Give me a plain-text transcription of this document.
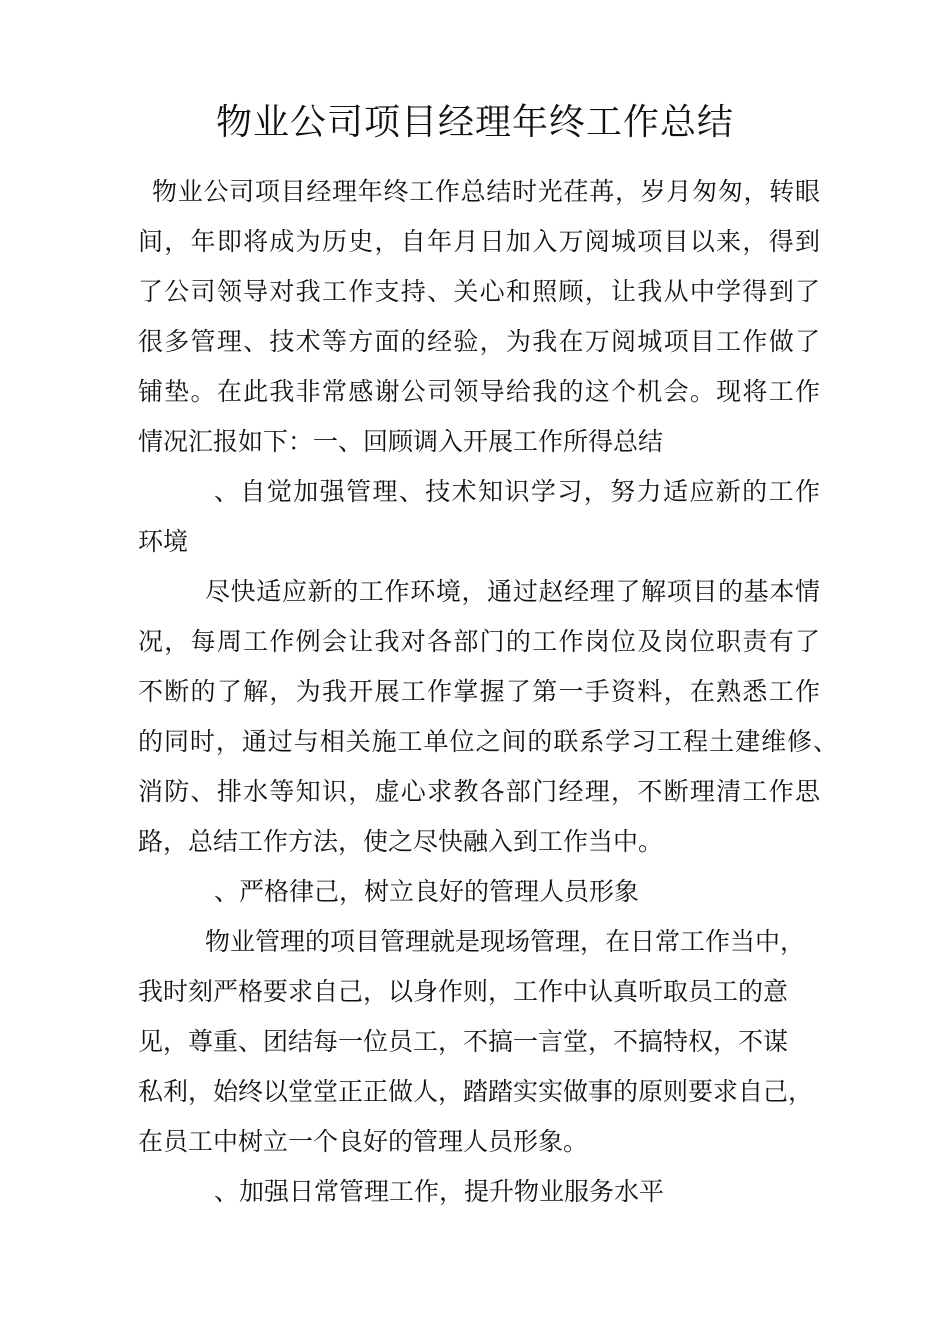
物业公司项目经理年终工作总结
物业公司项目经理年终工作总结时光荏苒，岁月匆匆，转眼
间，年即将成为历史，自年月日加入万阅城项目以来，得到
了公司领导对我工作支持、关心和照顾，让我从中学得到了
很多管理、技术等方面的经验，为我在万阅城项目工作做了
铺垫。在此我非常感谢公司领导给我的这个机会。现将工作
情况汇报如下：一、回顾调入开展工作所得总结
、自觉加强管理、技术知识学习，努力适应新的工作
环境
尽快适应新的工作环境，通过赵经理了解项目的基本情
况，每周工作例会让我对各部门的工作岗位及岗位职责有了
不断的了解，为我开展工作掌握了第一手资料，在熟悉工作
的同时，通过与相关施工单位之间的联系学习工程土建维修、
消防、排水等知识，虚心求教各部门经理，不断理清工作思
路，总结工作方法，使之尽快融入到工作当中。
、严格律己，树立良好的管理人员形象
物业管理的项目管理就是现场管理，在日常工作当中，
我时刻严格要求自己，以身作则，工作中认真听取员工的意
见，尊重、团结每一位员工，不搞一言堂，不搞特权，不谋
私利，始终以堂堂正正做人，踏踏实实做事的原则要求自己，
在员工中树立一个良好的管理人员形象。
、加强日常管理工作，提升物业服务水平
